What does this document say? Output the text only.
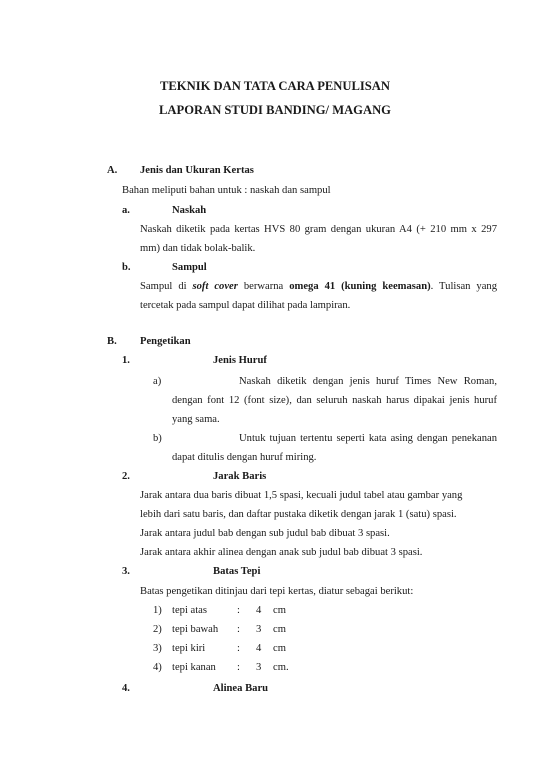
TEKNIK DAN TATA CARA PENULISAN
LAPORAN STUDI BANDING/ MAGANG
A. Jenis dan Ukuran Kertas
Bahan meliputi bahan untuk : naskah dan sampul
a.	Naskah
Naskah diketik pada kertas HVS 80 gram dengan ukuran A4 (+ 210 mm x 297
mm) dan tidak bolak-balik.
b.	Sampul
Sampul di soft cover berwarna omega 41 (kuning keemasan). Tulisan yang
tercetak pada sampul dapat dilihat pada lampiran.
B. Pengetikan
1.	Jenis Huruf
a)	Naskah diketik dengan jenis huruf Times New Roman,
dengan font 12 (font size), dan seluruh naskah harus dipakai jenis huruf
yang sama.
b)	Untuk tujuan tertentu seperti kata asing dengan penekanan
dapat ditulis dengan huruf miring.
2.	Jarak Baris
Jarak antara dua baris dibuat 1,5 spasi, kecuali judul tabel atau gambar yang
lebih dari satu baris, dan daftar pustaka diketik dengan jarak 1 (satu) spasi.
Jarak antara judul bab dengan sub judul bab dibuat 3 spasi.
Jarak antara akhir alinea dengan anak sub judul bab dibuat 3 spasi.
3.	Batas Tepi
Batas pengetikan ditinjau dari tepi kertas, diatur sebagai berikut:
1) tepi atas	: 4 cm
2) tepi bawah : 3 cm
3) tepi kiri	: 4 cm
4) tepi kanan : 3 cm.
4.	Alinea Baru
